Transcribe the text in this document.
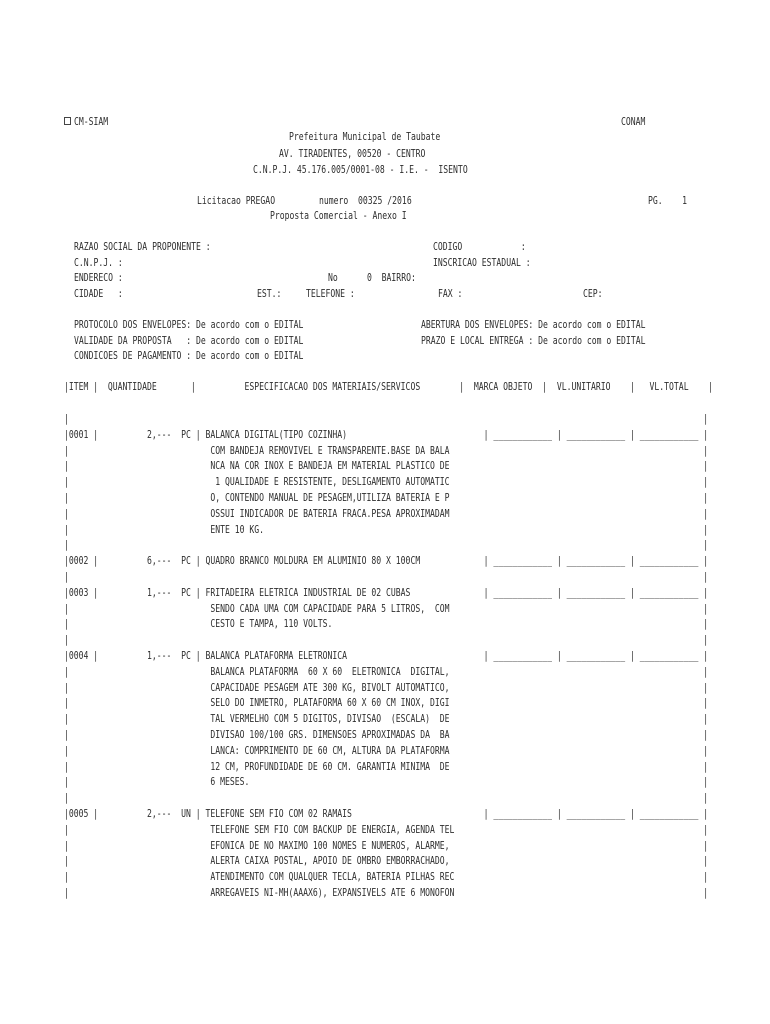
CM-SIAM	CONAM
Prefeitura Municipal de Taubate
AV. TIRADENTES, 00520 - CENTRO
C.N.P.J. 45.176.005/0001-08 - I.E. -  ISENTO
Licitacao PREGAO         numero  00325 /2016	PG.    1
Proposta Comercial - Anexo I
RAZAO SOCIAL DA PROPONENTE :	CODIGO            :
C.N.P.J. :	INSCRICAO ESTADUAL :
ENDERECO :	No      0  BAIRRO:
CIDADE   :	EST.: TELEFONE :	FAX :	CEP:
PROTOCOLO DOS ENVELOPES: De acordo com o EDITAL
VALIDADE DA PROPOSTA   : De acordo com o EDITAL
CONDICOES DE PAGAMENTO : De acordo com o EDITAL
ABERTURA DOS ENVELOPES: De acordo com o EDITAL
PRAZO E LOCAL ENTREGA : De acordo com o EDITAL
|ITEM |  QUANTIDADE       |          ESPECIFICACAO DOS MATERIAIS/SERVICOS        |  MARCA OBJETO  |  VL.UNITARIO    |   VL.TOTAL    |
|                                                                                                                                  |
|0001 |          2,---  PC | BALANCA DIGITAL(TIPO COZINHA)                            | ____________ | ____________ | ____________ |
|                             COM BANDEJA REMOVIVEL E TRANSPARENTE.BASE DA BALA                                                    |
|                             NCA NA COR INOX E BANDEJA EM MATERIAL PLASTICO DE                                                    |
|                              1 QUALIDADE E RESISTENTE, DESLIGAMENTO AUTOMATIC                                                    |
|                             O, CONTENDO MANUAL DE PESAGEM,UTILIZA BATERIA E P                                                    |
|                             OSSUI INDICADOR DE BATERIA FRACA.PESA APROXIMADAM                                                    |
|                             ENTE 10 KG.                                                                                          |
|                                                                                                                                  |
|0002 |          6,---  PC | QUADRO BRANCO MOLDURA EM ALUMINIO 80 X 100CM             | ____________ | ____________ | ____________ |
|                                                                                                                                  |
|0003 |          1,---  PC | FRITADEIRA ELETRICA INDUSTRIAL DE 02 CUBAS               | ____________ | ____________ | ____________ |
|                             SENDO CADA UMA COM CAPACIDADE PARA 5 LITROS,  COM                                                    |
|                             CESTO E TAMPA, 110 VOLTS.                                                                            |
|                                                                                                                                  |
|0004 |          1,---  PC | BALANCA PLATAFORMA ELETRONICA                            | ____________ | ____________ | ____________ |
|                             BALANCA PLATAFORMA  60 X 60  ELETRONICA  DIGITAL,                                                    |
|                             CAPACIDADE PESAGEM ATE 300 KG, BIVOLT AUTOMATICO,                                                    |
|                             SELO DO INMETRO, PLATAFORMA 60 X 60 CM INOX, DIGI                                                    |
|                             TAL VERMELHO COM 5 DIGITOS, DIVISAO  (ESCALA)  DE                                                    |
|                             DIVISAO 100/100 GRS. DIMENSOES APROXIMADAS DA  BA                                                    |
|                             LANCA: COMPRIMENTO DE 60 CM, ALTURA DA PLATAFORMA                                                    |
|                             12 CM, PROFUNDIDADE DE 60 CM. GARANTIA MINIMA  DE                                                    |
|                             6 MESES.                                                                                             |
|                                                                                                                                  |
|0005 |          2,---  UN | TELEFONE SEM FIO COM 02 RAMAIS                           | ____________ | ____________ | ____________ |
|                             TELEFONE SEM FIO COM BACKUP DE ENERGIA, AGENDA TEL                                                   |
|                             EFONICA DE NO MAXIMO 100 NOMES E NUMEROS, ALARME,                                                    |
|                             ALERTA CAIXA POSTAL, APOIO DE OMBRO EMBORRACHADO,                                                    |
|                             ATENDIMENTO COM QUALQUER TECLA, BATERIA PILHAS REC                                                   |
|                             ARREGAVEIS NI-MH(AAAX6), EXPANSIVELS ATE 6 MONOFON                                                   |
